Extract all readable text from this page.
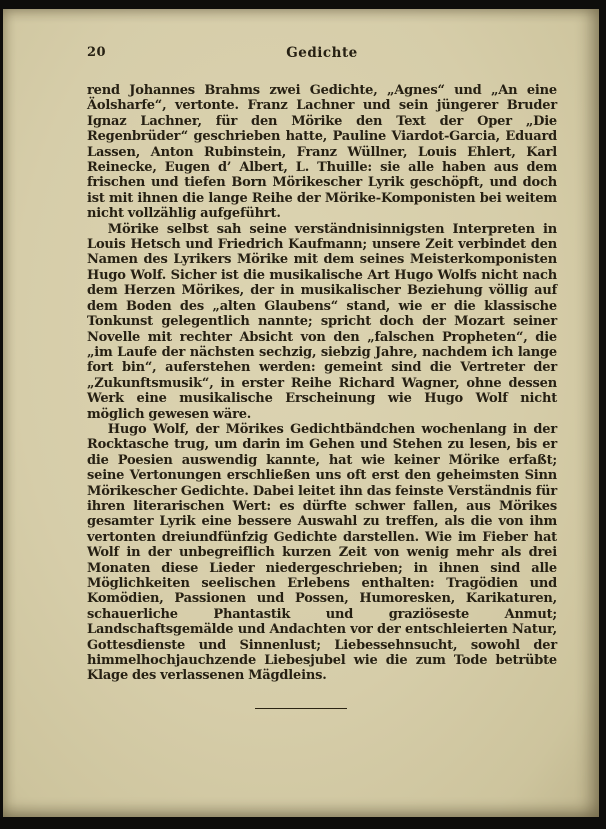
20	Gedichte

rend Johannes Brahms zwei Gedichte, „Agnes“ und „An eine Äolsharfe“, vertonte. Franz Lachner und sein jüngerer Bruder Ignaz Lachner, für den Mörike den Text der Oper „Die Regenbrüder“ geschrieben hatte, Pauline Viardot-Garcia, Eduard Lassen, Anton Rubinstein, Franz Wüllner, Louis Ehlert, Karl Reinecke, Eugen d’ Albert, L. Thuille: sie alle haben aus dem frischen und tiefen Born Mörikescher Lyrik geschöpft, und doch ist mit ihnen die lange Reihe der Mörike-Komponisten bei weitem nicht vollzählig aufgeführt.

Mörike selbst sah seine verständnisinnigsten Interpreten in Louis Hetsch und Friedrich Kaufmann; unsere Zeit verbindet den Namen des Lyrikers Mörike mit dem seines Meisterkomponisten Hugo Wolf. Sicher ist die musikalische Art Hugo Wolfs nicht nach dem Herzen Mörikes, der in musikalischer Beziehung völlig auf dem Boden des „alten Glaubens“ stand, wie er die klassische Tonkunst gelegentlich nannte; spricht doch der Mozart seiner Novelle mit rechter Absicht von den „falschen Propheten“, die „im Laufe der nächsten sechzig, siebzig Jahre, nachdem ich lange fort bin“, auferstehen werden: gemeint sind die Vertreter der „Zukunftsmusik“, in erster Reihe Richard Wagner, ohne dessen Werk eine musikalische Erscheinung wie Hugo Wolf nicht möglich gewesen wäre.

Hugo Wolf, der Mörikes Gedichtbändchen wochenlang in der Rocktasche trug, um darin im Gehen und Stehen zu lesen, bis er die Poesien auswendig kannte, hat wie keiner Mörike erfaßt; seine Vertonungen erschließen uns oft erst den geheimsten Sinn Mörikescher Gedichte. Dabei leitet ihn das feinste Verständnis für ihren literarischen Wert: es dürfte schwer fallen, aus Mörikes gesamter Lyrik eine bessere Auswahl zu treffen, als die von ihm vertonten dreiundfünfzig Gedichte darstellen. Wie im Fieber hat Wolf in der unbegreiflich kurzen Zeit von wenig mehr als drei Monaten diese Lieder niedergeschrieben; in ihnen sind alle Möglichkeiten seelischen Erlebens enthalten: Tragödien und Komödien, Passionen und Possen, Humoresken, Karikaturen, schauerliche Phantastik und graziöseste Anmut; Landschaftsgemälde und Andachten vor der entschleierten Natur, Gottesdienste und Sinnenlust; Liebessehnsucht, sowohl der himmelhochjauchzende Liebesjubel wie die zum Tode betrübte Klage des verlassenen Mägdleins.
